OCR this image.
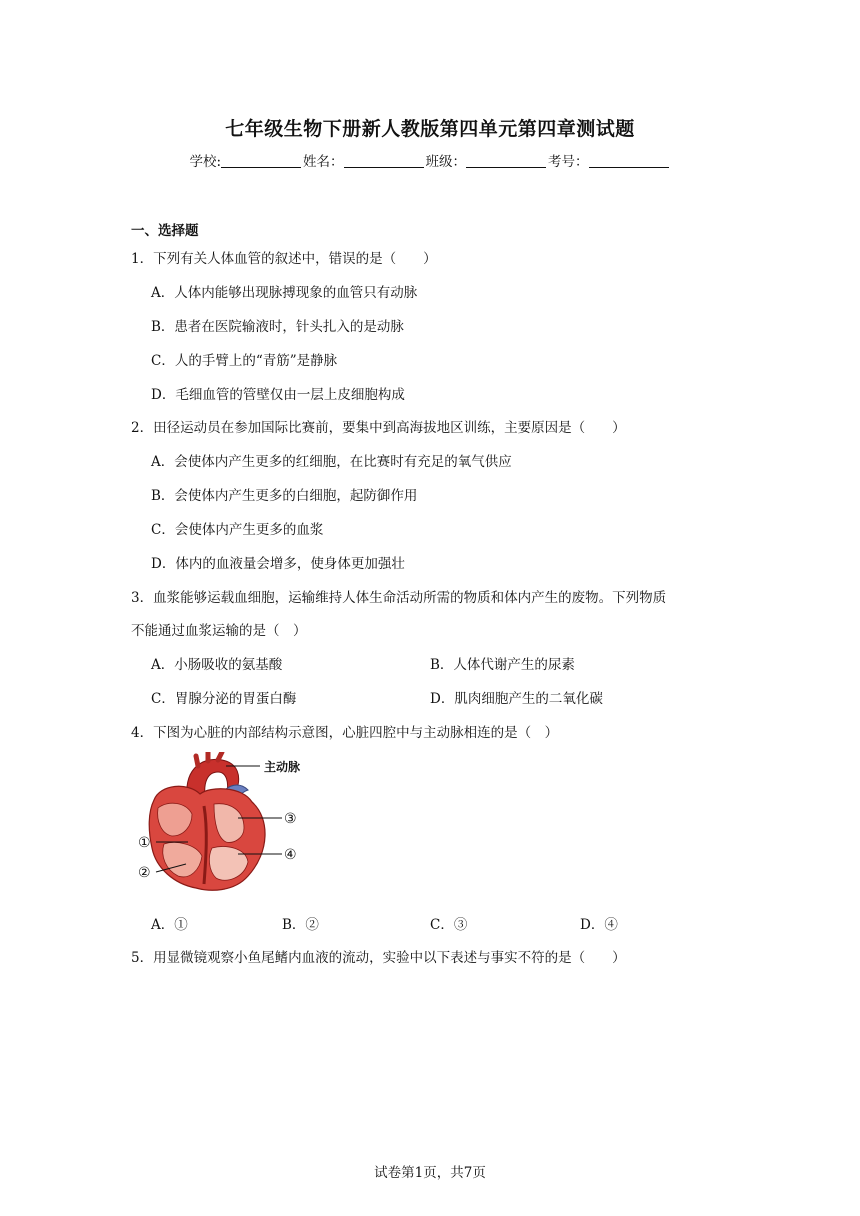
七年级生物下册新人教版第四单元第四章测试题
学校:	姓名：	班级：	考号：
一、选择题
1．下列有关人体血管的叙述中，错误的是（　　）
A．人体内能够出现脉搏现象的血管只有动脉
B．患者在医院输液时，针头扎入的是动脉
C．人的手臂上的“青筋”是静脉
D．毛细血管的管壁仅由一层上皮细胞构成
2．田径运动员在参加国际比赛前，要集中到高海拔地区训练，主要原因是（　　）
A．会使体内产生更多的红细胞，在比赛时有充足的氧气供应
B．会使体内产生更多的白细胞，起防御作用
C．会使体内产生更多的血浆
D．体内的血液量会增多，使身体更加强壮
3．血浆能够运载血细胞，运输维持人体生命活动所需的物质和体内产生的废物。下列物质
不能通过血浆运输的是（　）
A．小肠吸收的氨基酸	B．人体代谢产生的尿素
C．胃腺分泌的胃蛋白酶	D．肌肉细胞产生的二氧化碳
4．下图为心脏的内部结构示意图，心脏四腔中与主动脉相连的是（　）
主动脉
①
②
③
④
A．①	B．②	C．③	D．④
5．用显微镜观察小鱼尾鳍内血液的流动，实验中以下表述与事实不符的是（　　）
试卷第1页，共7页
